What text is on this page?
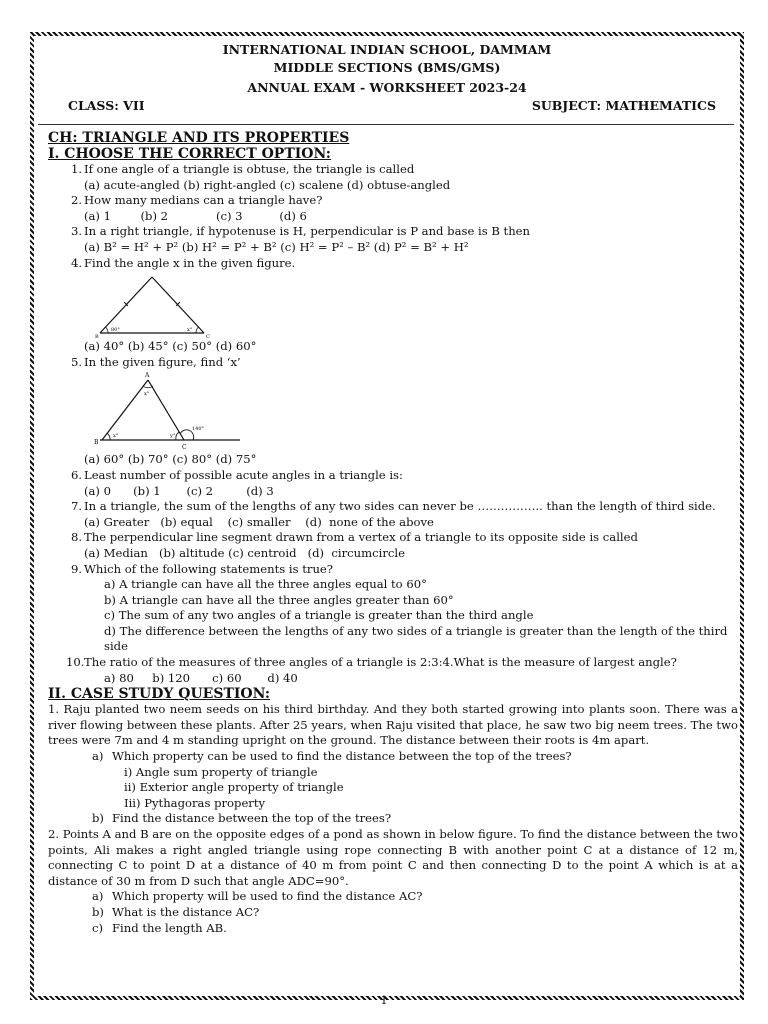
INTERNATIONAL INDIAN SCHOOL, DAMMAM
MIDDLE SECTIONS (BMS/GMS)
ANNUAL EXAM - WORKSHEET 2023-24
CLASS: VII	SUBJECT: MATHEMATICS
CH: TRIANGLE AND ITS PROPERTIES
I. CHOOSE THE CORRECT OPTION:
1. If one angle of a triangle is obtuse, the triangle is called
(a) acute-angled (b) right-angled (c) scalene (d) obtuse-angled
2. How many medians can a triangle have?
(a) 1        (b) 2             (c) 3          (d) 6
3. In a right triangle, if hypotenuse is H, perpendicular is P and base is B then
(a) B² = H² + P² (b) H² = P² + B² (c) H² = P² – B² (d) P² = B² + H²
4. Find the angle x in the given figure.
B	C
80°	x°
(a) 40° (b) 45° (c) 50° (d) 60°
5. In the given figure, find ‘x’
A
B
C
x°
x°	y°
140°
(a) 60° (b) 70° (c) 80° (d) 75°
6. Least number of possible acute angles in a triangle is:
(a) 0      (b) 1       (c) 2         (d) 3
7. In a triangle, the sum of the lengths of any two sides can never be …………….. than the length of third side.
(a) Greater   (b) equal    (c) smaller    (d)  none of the above
8. The perpendicular line segment drawn from a vertex of a triangle to its opposite side is called
(a) Median   (b) altitude (c) centroid   (d)  circumcircle
9. Which of the following statements is true?
a) A triangle can have all the three angles equal to 60°
b) A triangle can have all the three angles greater than 60°
c) The sum of any two angles of a triangle is greater than the third angle
d) The difference between the lengths of any two sides of a triangle is greater than the length of the third side
10. The ratio of the measures of three angles of a triangle is 2:3:4.What is the measure of largest angle?
a) 80     b) 120      c) 60       d) 40
II. CASE STUDY QUESTION:
1. Raju planted two neem seeds on his third birthday. And they both started growing into plants soon. There was a river flowing between these plants. After 25 years, when Raju visited that place, he saw two big neem trees. The two trees were 7m and 4 m standing upright on the ground. The distance between their roots is 4m apart.
a) Which property can be used to find the distance between the top of the trees?
i) Angle sum property of triangle
ii) Exterior angle property of triangle
Iii) Pythagoras property
b) Find the distance between the top of the trees?
2. Points A and B are on the opposite edges of a pond as shown in below figure. To find the distance between the two points, Ali makes a right angled triangle using rope connecting B with another point C at a distance of 12 m, connecting C to point D at a distance of 40 m from point C and then connecting D to the point A which is at a distance of 30 m from D such that angle ADC=90°.
a) Which property will be used to find the distance AC?
b) What is the distance AC?
c) Find the length AB.
1
